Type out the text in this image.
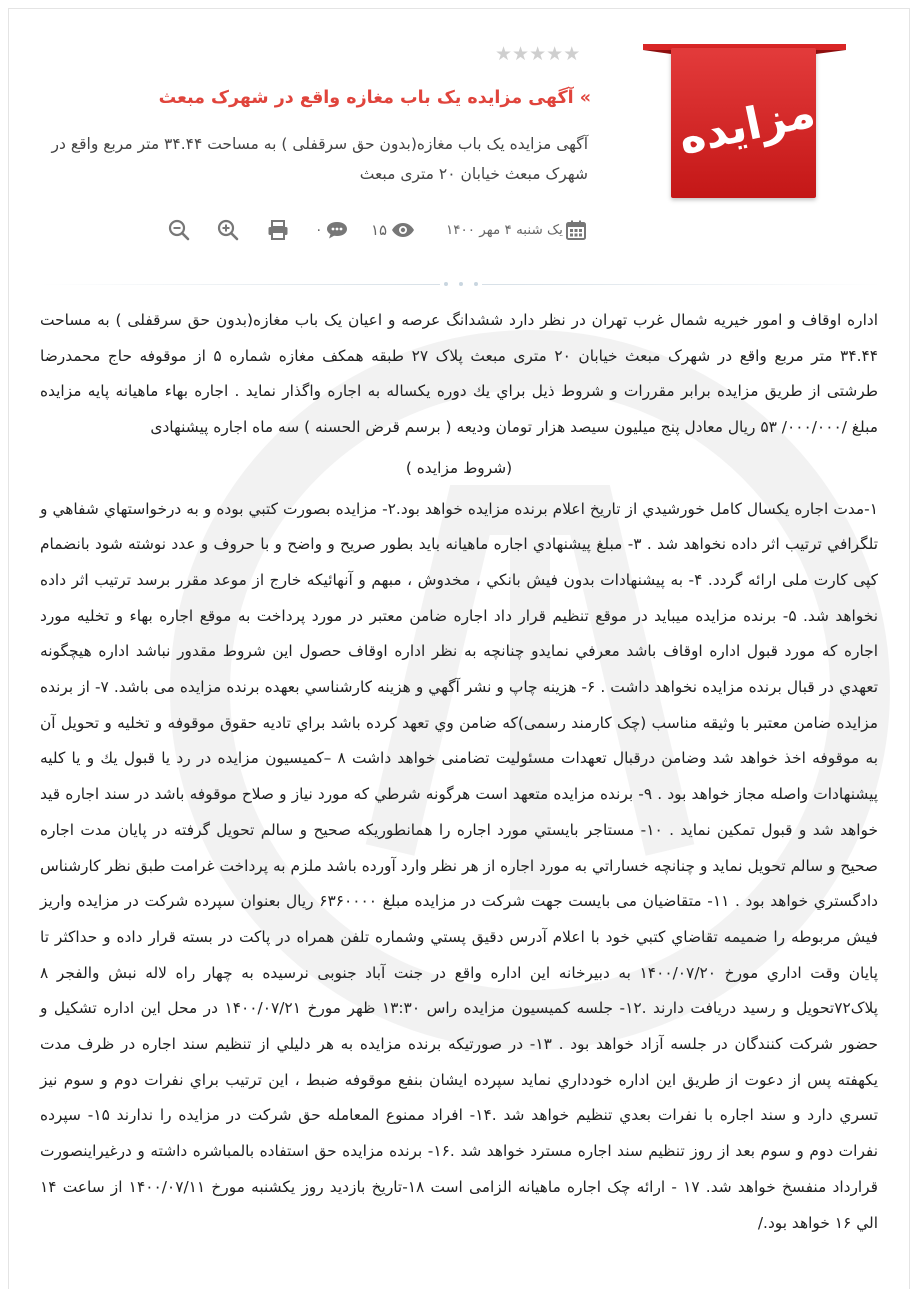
مزایده
★★★★★
»آگهی مزایده یک باب مغازه واقع در شهرک مبعث
آگهی مزایده یک باب مغازه(بدون حق سرقفلی ) به مساحت ۳۴.۴۴ متر مربع واقع در شهرک مبعث خیابان ۲۰ متری مبعث
۰	۱۵	یک شنبه ۴ مهر ۱۴۰۰

اداره اوقاف و امور خیریه شمال غرب تهران در نظر دارد ششدانگ عرصه و اعیان یک باب مغازه(بدون حق سرقفلی ) به مساحت ۳۴.۴۴ متر مربع واقع در شهرک مبعث خیابان ۲۰ متری مبعث پلاک ۲۷ طبقه همکف مغازه شماره ۵ از موقوفه حاج محمدرضا طرشتی از طریق مزایده برابر مقررات و شروط ذیل براي يك دوره يكساله به اجاره واگذار نمايد . اجاره بهاء ماهیانه پايه مزايده مبلغ /۰۰۰/۰۰۰/ ۵۳ ريال معادل پنج میلیون سیصد هزار تومان وديعه ( برسم قرض الحسنه ) سه ماه اجاره پیشنهادی

(شروط مزایده )

۱-مدت اجاره يكسال كامل خورشيدي از تاريخ اعلام برنده مزايده خواهد بود.۲- مزايده بصورت كتبي بوده و به درخواستهاي شفاهي و تلگرافي ترتيب اثر داده نخواهد شد . ۳- مبلغ پيشنهادي اجاره ماهيانه بايد بطور صريح و واضح و با حروف و عدد نوشته شود بانضمام کپی کارت ملی ارائه گردد. ۴- به پيشنهادات بدون فيش بانكي ، مخدوش ، مبهم و آنهائيكه خارج از موعد مقرر برسد ترتيب اثر داده نخواهد شد. ۵- برنده مزايده ميبايد در موقع تنظيم قرار داد اجاره ضامن معتبر در مورد پرداخت به موقع اجاره بهاء و تخليه مورد اجاره كه مورد قبول اداره اوقاف باشد معرفي نمايدو چنانچه به نظر اداره اوقاف حصول اين شروط مقدور نباشد اداره هيچگونه تعهدي در قبال برنده مزايده نخواهد داشت . ۶- هزينه چاپ و نشر آگهي و هزينه كارشناسي بعهده برنده مزايده می باشد. ۷- از برنده مزايده ضامن معتبر با وثيقه مناسب (چک کارمند رسمی)كه ضامن وي تعهد كرده باشد براي تاديه حقوق موقوفه و تخليه و تحويل آن به موقوفه اخذ خواهد شد وضامن درقبال تعهدات مسئوليت تضامنی خواهد داشت ۸ –كميسيون مزايده در رد يا قبول يك و يا كليه پيشنهادات واصله مجاز خواهد بود . ۹- برنده مزايده متعهد است هرگونه شرطي كه مورد نياز و صلاح موقوفه باشد در سند اجاره قيد خواهد شد و قبول تمكين نمايد . ۱۰- مستاجر بايستي مورد اجاره را همانطوريكه صحيح و سالم تحويل گرفته در پايان مدت اجاره صحيح و سالم تحويل نمايد و چنانچه خساراتي به مورد اجاره از هر نظر وارد آورده باشد ملزم به پرداخت غرامت طبق نظر كارشناس دادگستري خواهد بود . ۱۱- متقاضیان می بایست جهت شرکت در مزایده مبلغ ۶۳۶۰۰۰۰ ریال بعنوان سپرده شرکت در مزايده واريز فيش مربوطه را ضميمه تقاضاي كتبي خود با اعلام آدرس دقيق پستي وشماره تلفن همراه در پاكت در بسته قرار داده و حداكثر تا پايان وقت اداري مورخ ۱۴۰۰/۰۷/۲۰ به دبيرخانه اين اداره واقع در جنت آباد جنوبی نرسیده به چهار راه لاله نبش والفجر ۸ پلاک۷۲تحويل و رسيد دريافت دارند .۱۲- جلسه كميسيون مزايده راس ۱۳:۳۰ ظهر مورخ ۱۴۰۰/۰۷/۲۱ در محل اين اداره تشكيل و حضور شركت كنندگان در جلسه آزاد خواهد بود . ۱۳- در صورتيكه برنده مزايده به هر دليلي از تنظيم سند اجاره در ظرف مدت يكهفته پس از دعوت از طريق اين اداره خودداري نمايد سپرده ايشان بنفع موقوفه ضبط ، اين ترتيب براي نفرات دوم و سوم نيز تسري دارد و سند اجاره با نفرات بعدي تنظيم خواهد شد .۱۴- افراد ممنوع المعامله حق شركت در مزايده را ندارند ۱۵- سپرده نفرات دوم و سوم بعد از روز تنظيم سند اجاره مسترد خواهد شد .۱۶- برنده مزایده حق استفاده بالمباشره داشته و درغیراینصورت قرارداد منفسخ خواهد شد. ۱۷ - ارائه چک اجاره ماهیانه الزامی است ۱۸-تاریخ بازدید روز یکشنبه مورخ ۱۴۰۰/۰۷/۱۱ از ساعت ۱۴ الي ۱۶ خواهد بود./
